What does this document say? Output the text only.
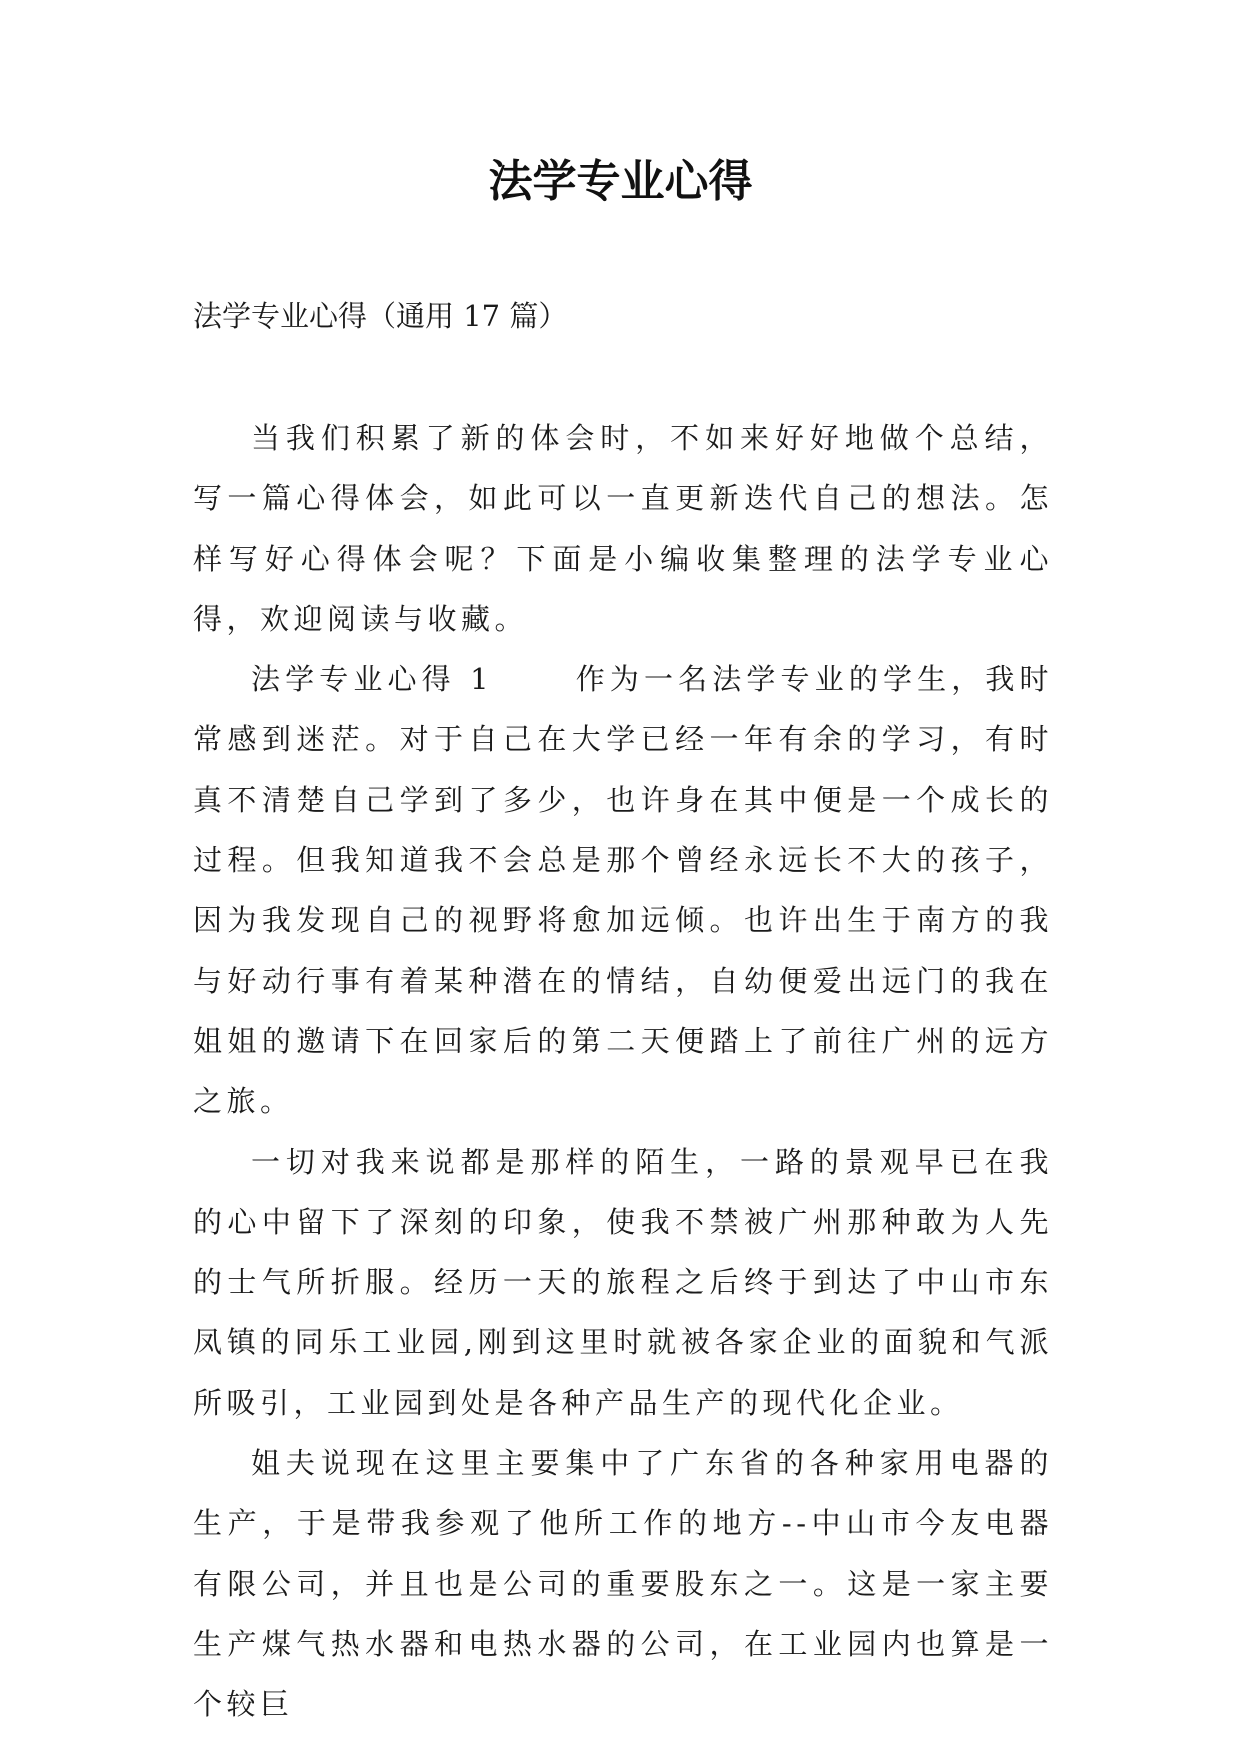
法学专业心得

法学专业心得（通用 17 篇）

当我们积累了新的体会时，不如来好好地做个总结，写一篇心得体会，如此可以一直更新迭代自己的想法。怎样写好心得体会呢？下面是小编收集整理的法学专业心得，欢迎阅读与收藏。

法学专业心得 1 　　作为一名法学专业的学生，我时常感到迷茫。对于自己在大学已经一年有余的学习，有时真不清楚自己学到了多少，也许身在其中便是一个成长的过程。但我知道我不会总是那个曾经永远长不大的孩子，因为我发现自己的视野将愈加远倾。也许出生于南方的我与好动行事有着某种潜在的情结，自幼便爱出远门的我在姐姐的邀请下在回家后的第二天便踏上了前往广州的远方之旅。

一切对我来说都是那样的陌生，一路的景观早已在我的心中留下了深刻的印象，使我不禁被广州那种敢为人先的士气所折服。经历一天的旅程之后终于到达了中山市东凤镇的同乐工业园,刚到这里时就被各家企业的面貌和气派所吸引，工业园到处是各种产品生产的现代化企业。

姐夫说现在这里主要集中了广东省的各种家用电器的生产，于是带我参观了他所工作的地方--中山市今友电器有限公司，并且也是公司的重要股东之一。这是一家主要生产煤气热水器和电热水器的公司，在工业园内也算是一个较巨
